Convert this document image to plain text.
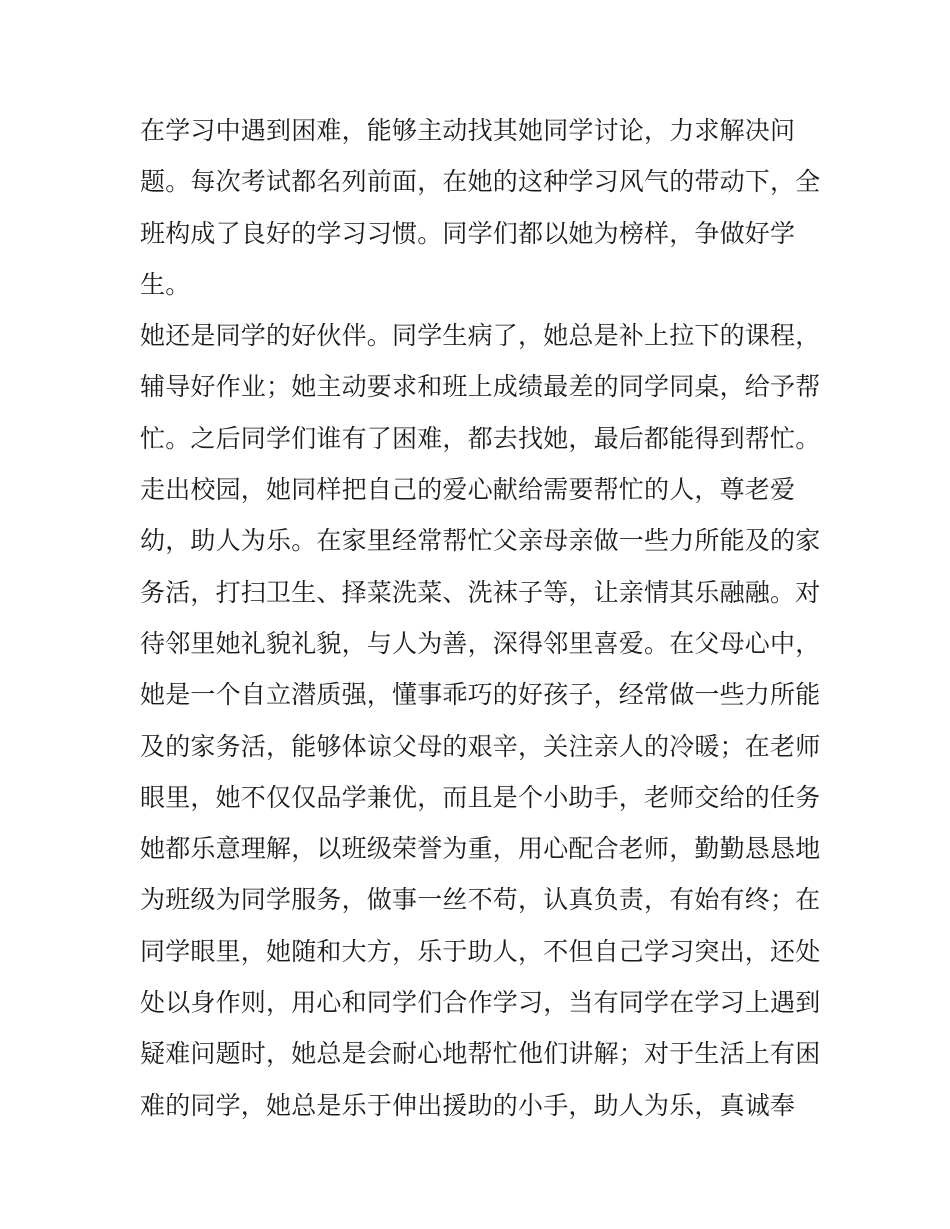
在学习中遇到困难，能够主动找其她同学讨论，力求解决问
题。每次考试都名列前面，在她的这种学习风气的带动下，全
班构成了良好的学习习惯。同学们都以她为榜样，争做好学
生。
她还是同学的好伙伴。同学生病了，她总是补上拉下的课程，
辅导好作业；她主动要求和班上成绩最差的同学同桌，给予帮
忙。之后同学们谁有了困难，都去找她，最后都能得到帮忙。
走出校园，她同样把自己的爱心献给需要帮忙的人，尊老爱
幼，助人为乐。在家里经常帮忙父亲母亲做一些力所能及的家
务活，打扫卫生、择菜洗菜、洗袜子等，让亲情其乐融融。对
待邻里她礼貌礼貌，与人为善，深得邻里喜爱。在父母心中，
她是一个自立潜质强，懂事乖巧的好孩子，经常做一些力所能
及的家务活，能够体谅父母的艰辛，关注亲人的冷暖；在老师
眼里，她不仅仅品学兼优，而且是个小助手，老师交给的任务
她都乐意理解，以班级荣誉为重，用心配合老师，勤勤恳恳地
为班级为同学服务，做事一丝不苟，认真负责，有始有终；在
同学眼里，她随和大方，乐于助人，不但自己学习突出，还处
处以身作则，用心和同学们合作学习，当有同学在学习上遇到
疑难问题时，她总是会耐心地帮忙他们讲解；对于生活上有困
难的同学，她总是乐于伸出援助的小手，助人为乐，真诚奉
